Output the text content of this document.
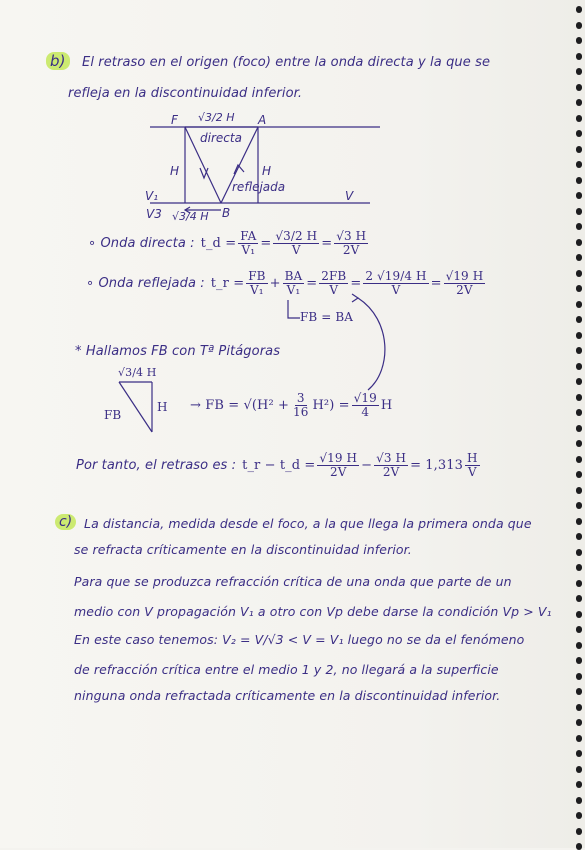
b)	El retraso en el origen (foco) entre la onda directa y la que se
refleja en la discontinuidad inferior.
F √3/2 H A
directa
H	H
reflejada
V₁	V
V3 √3/4 H B
∘ Onda directa : t_d = $\frac{FA}{\text{V₁}} = \frac{√3/2 H}{V} = \frac{√3 H}{2V}$
∘ Onda reflejada : t_r = $\frac{FB}{\text{V₁}} + \frac{BA}{\text{V₁}} = \frac{2FB}{V} = \frac{2 √19/4 H}{V} = \frac{√19 H}{2V}$
FB = BA
* Hallamos FB con Tª Pitágoras
√3/4 H
H
FB
→ FB = $√(H^2 + \frac{3}{16} H^2) = \frac{√19}{4}$ H
Por tanto, el retraso es : t_r − t_d = $\frac{√19 H}{2V} - \frac{√3 H}{2V} = 1,313 \frac{H}{V}$
c) La distancia, medida desde el foco, a la que llega la primera onda que
se refracta críticamente en la discontinuidad inferior.
Para que se produzca refracción crítica de una onda que parte de un
medio con V propagación V₁ a otro con Vp debe darse la condición Vp > V₁
En este caso tenemos: V₂ = V/√3 < V = V₁ luego no se da el fenómeno
de refracción crítica entre el medio 1 y 2, no llegará a la superficie
ninguna onda refractada críticamente en la discontinuidad inferior.
